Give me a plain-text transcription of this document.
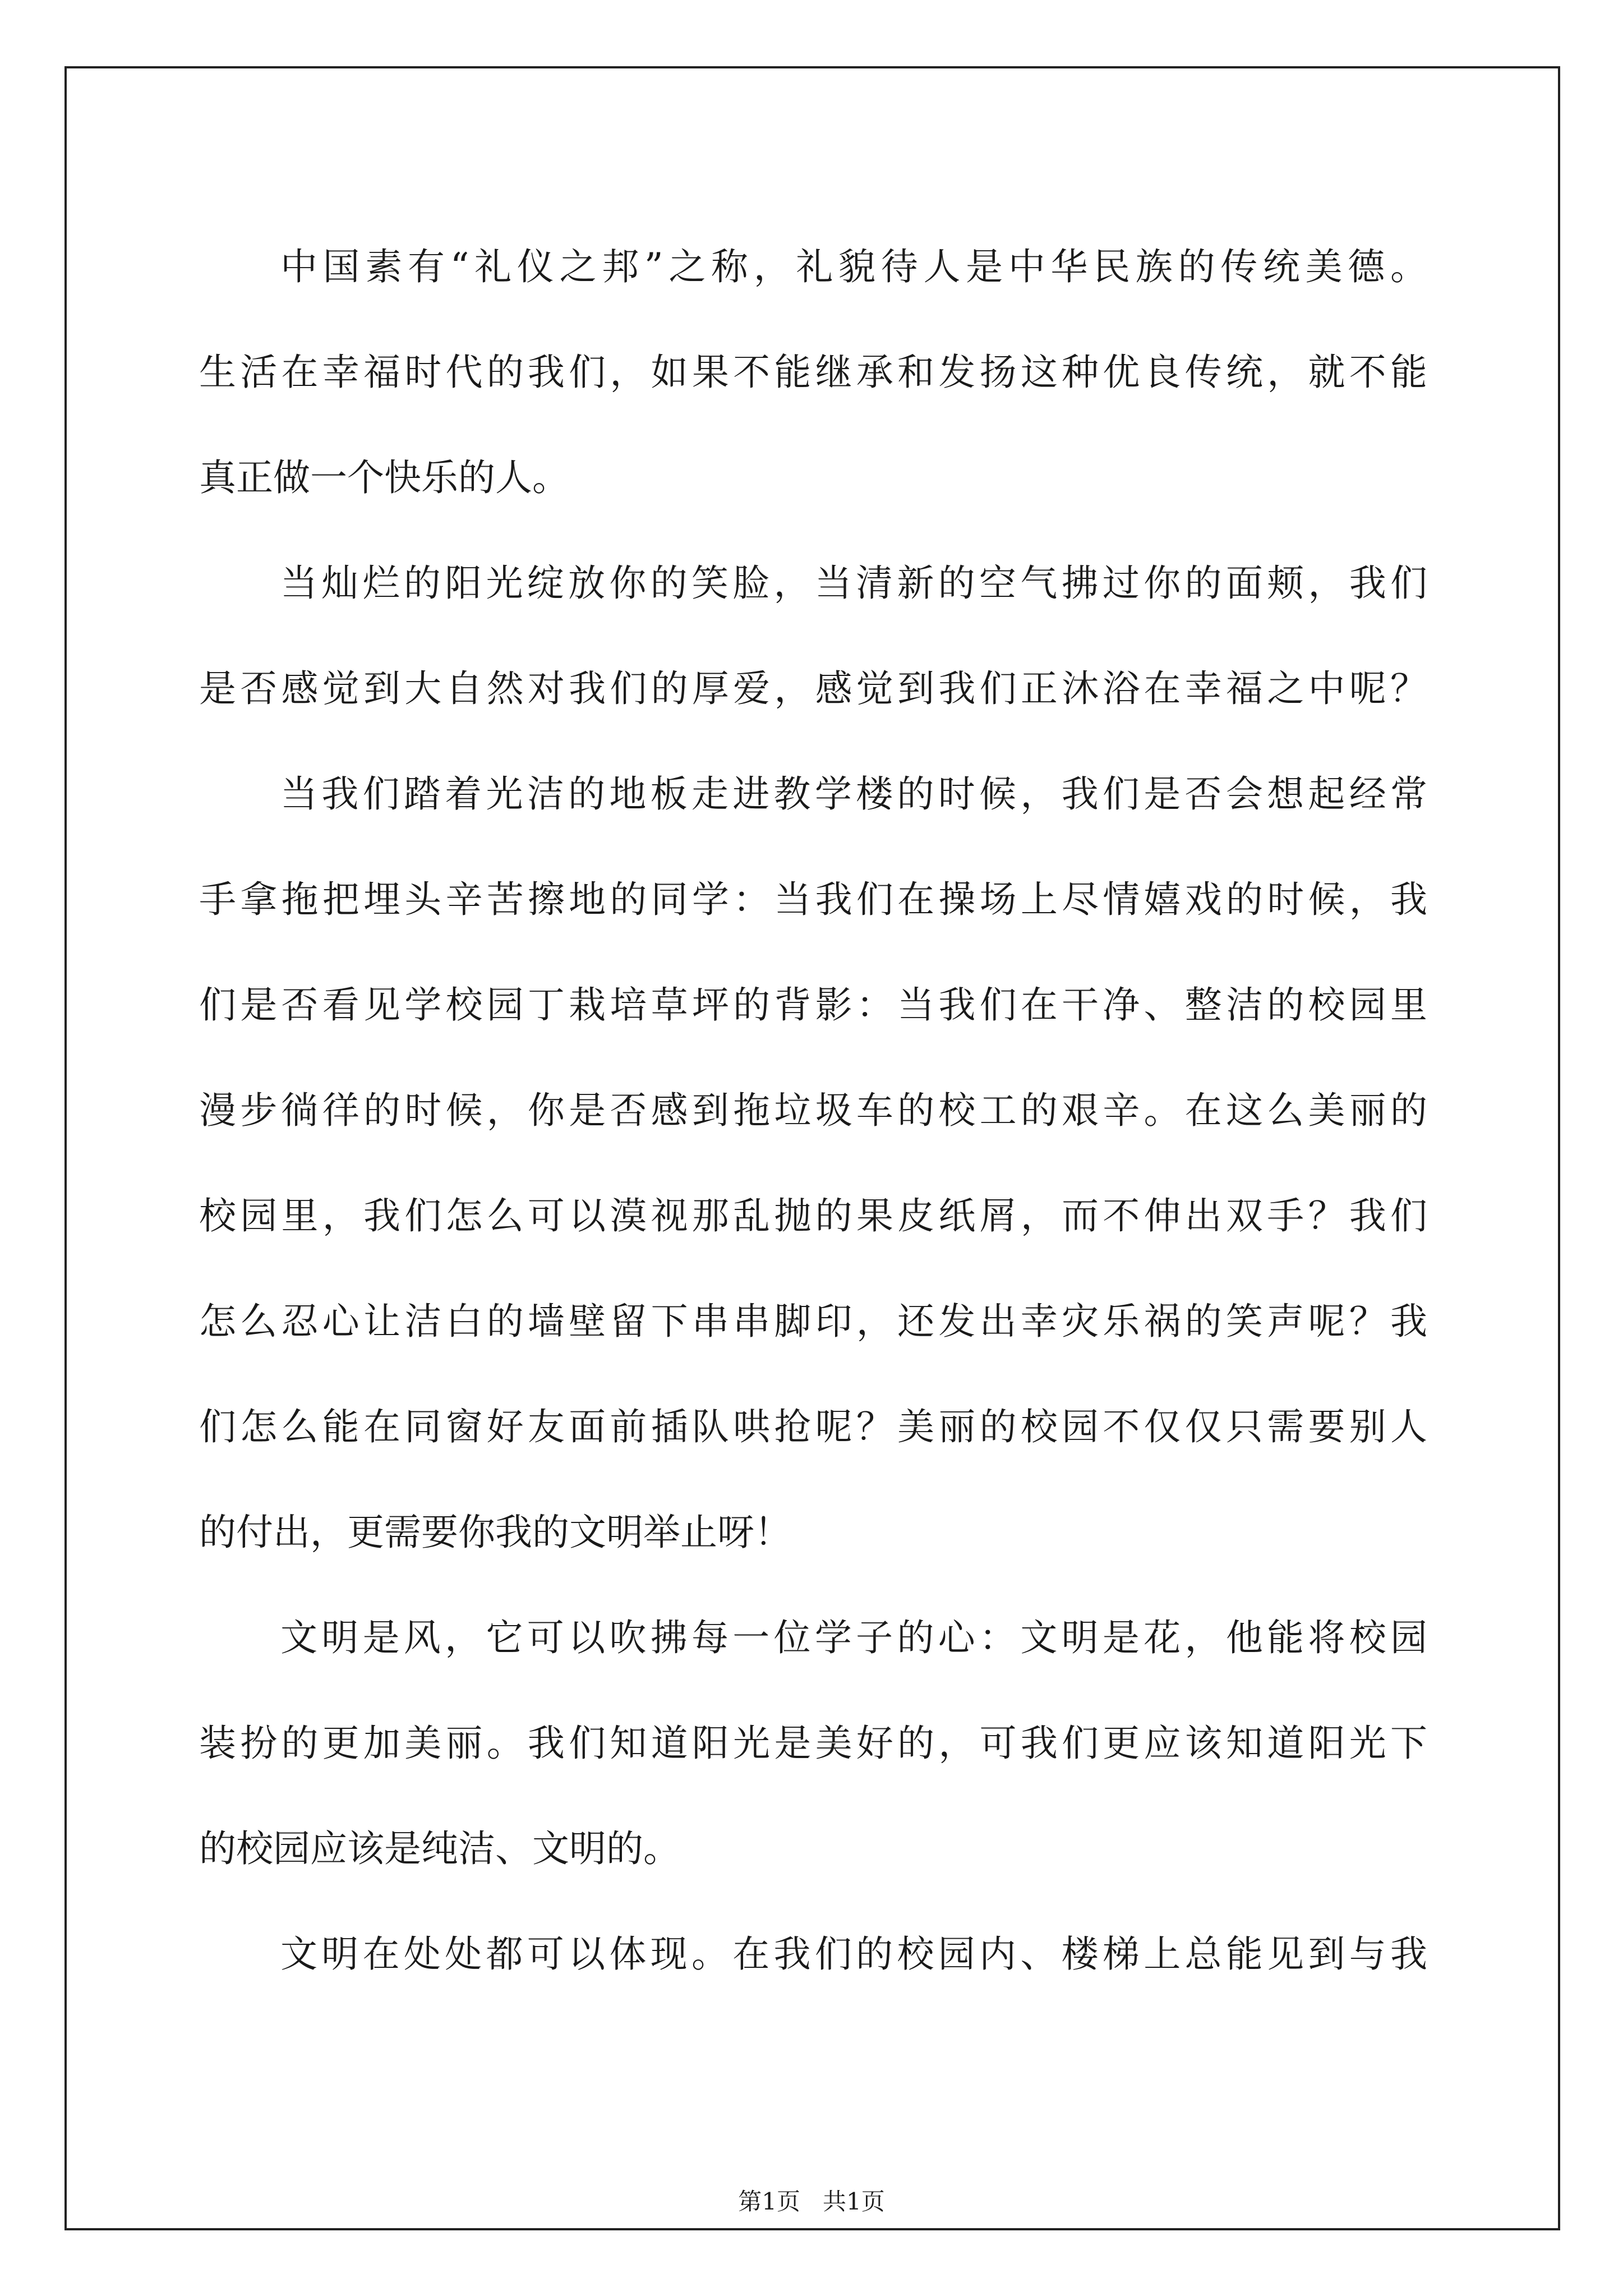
中国素有“礼仪之邦”之称，礼貌待人是中华民族的传统美德。

生活在幸福时代的我们，如果不能继承和发扬这种优良传统，就不能

真正做一个快乐的人。

当灿烂的阳光绽放你的笑脸，当清新的空气拂过你的面颊，我们

是否感觉到大自然对我们的厚爱，感觉到我们正沐浴在幸福之中呢？

当我们踏着光洁的地板走进教学楼的时候，我们是否会想起经常

手拿拖把埋头辛苦擦地的同学：当我们在操场上尽情嬉戏的时候，我

们是否看见学校园丁栽培草坪的背影：当我们在干净、整洁的校园里

漫步徜徉的时候，你是否感到拖垃圾车的校工的艰辛。在这么美丽的

校园里，我们怎么可以漠视那乱抛的果皮纸屑，而不伸出双手？我们

怎么忍心让洁白的墙壁留下串串脚印，还发出幸灾乐祸的笑声呢？我

们怎么能在同窗好友面前插队哄抢呢？美丽的校园不仅仅只需要别人

的付出，更需要你我的文明举止呀！

文明是风，它可以吹拂每一位学子的心：文明是花，他能将校园

装扮的更加美丽。我们知道阳光是美好的，可我们更应该知道阳光下

的校园应该是纯洁、文明的。

文明在处处都可以体现。在我们的校园内、楼梯上总能见到与我

第1页 共1页
